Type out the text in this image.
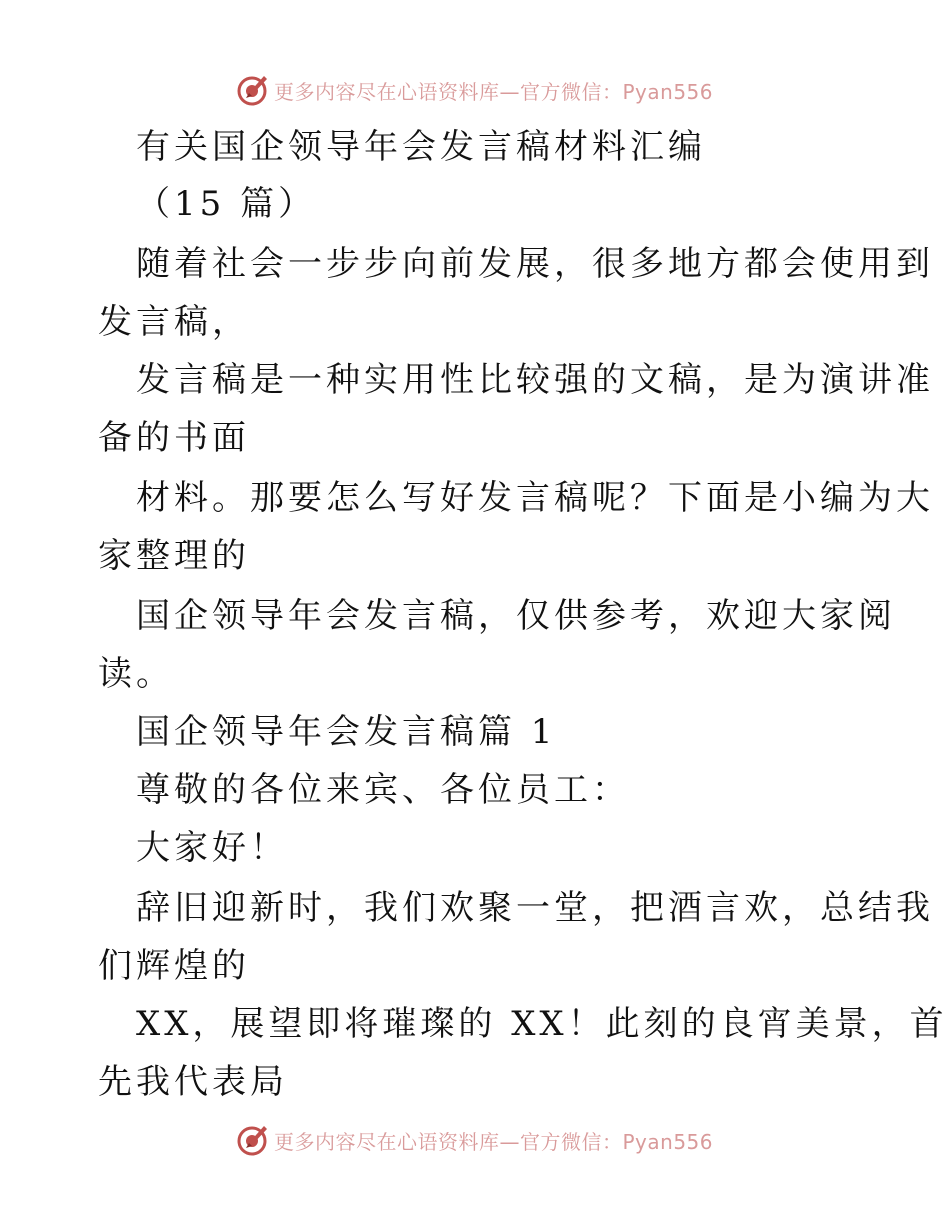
更多内容尽在心语资料库—官方微信：Pyan556
有关国企领导年会发言稿材料汇编
（15 篇）
随着社会一步步向前发展，很多地方都会使用到
发言稿，
发言稿是一种实用性比较强的文稿，是为演讲准
备的书面
材料。那要怎么写好发言稿呢？下面是小编为大
家整理的
国企领导年会发言稿，仅供参考，欢迎大家阅
读。
国企领导年会发言稿篇 1
尊敬的各位来宾、各位员工：
大家好！
辞旧迎新时，我们欢聚一堂，把酒言欢，总结我
们辉煌的
XX，展望即将璀璨的 XX！此刻的良宵美景，首
先我代表局
更多内容尽在心语资料库—官方微信：Pyan556
